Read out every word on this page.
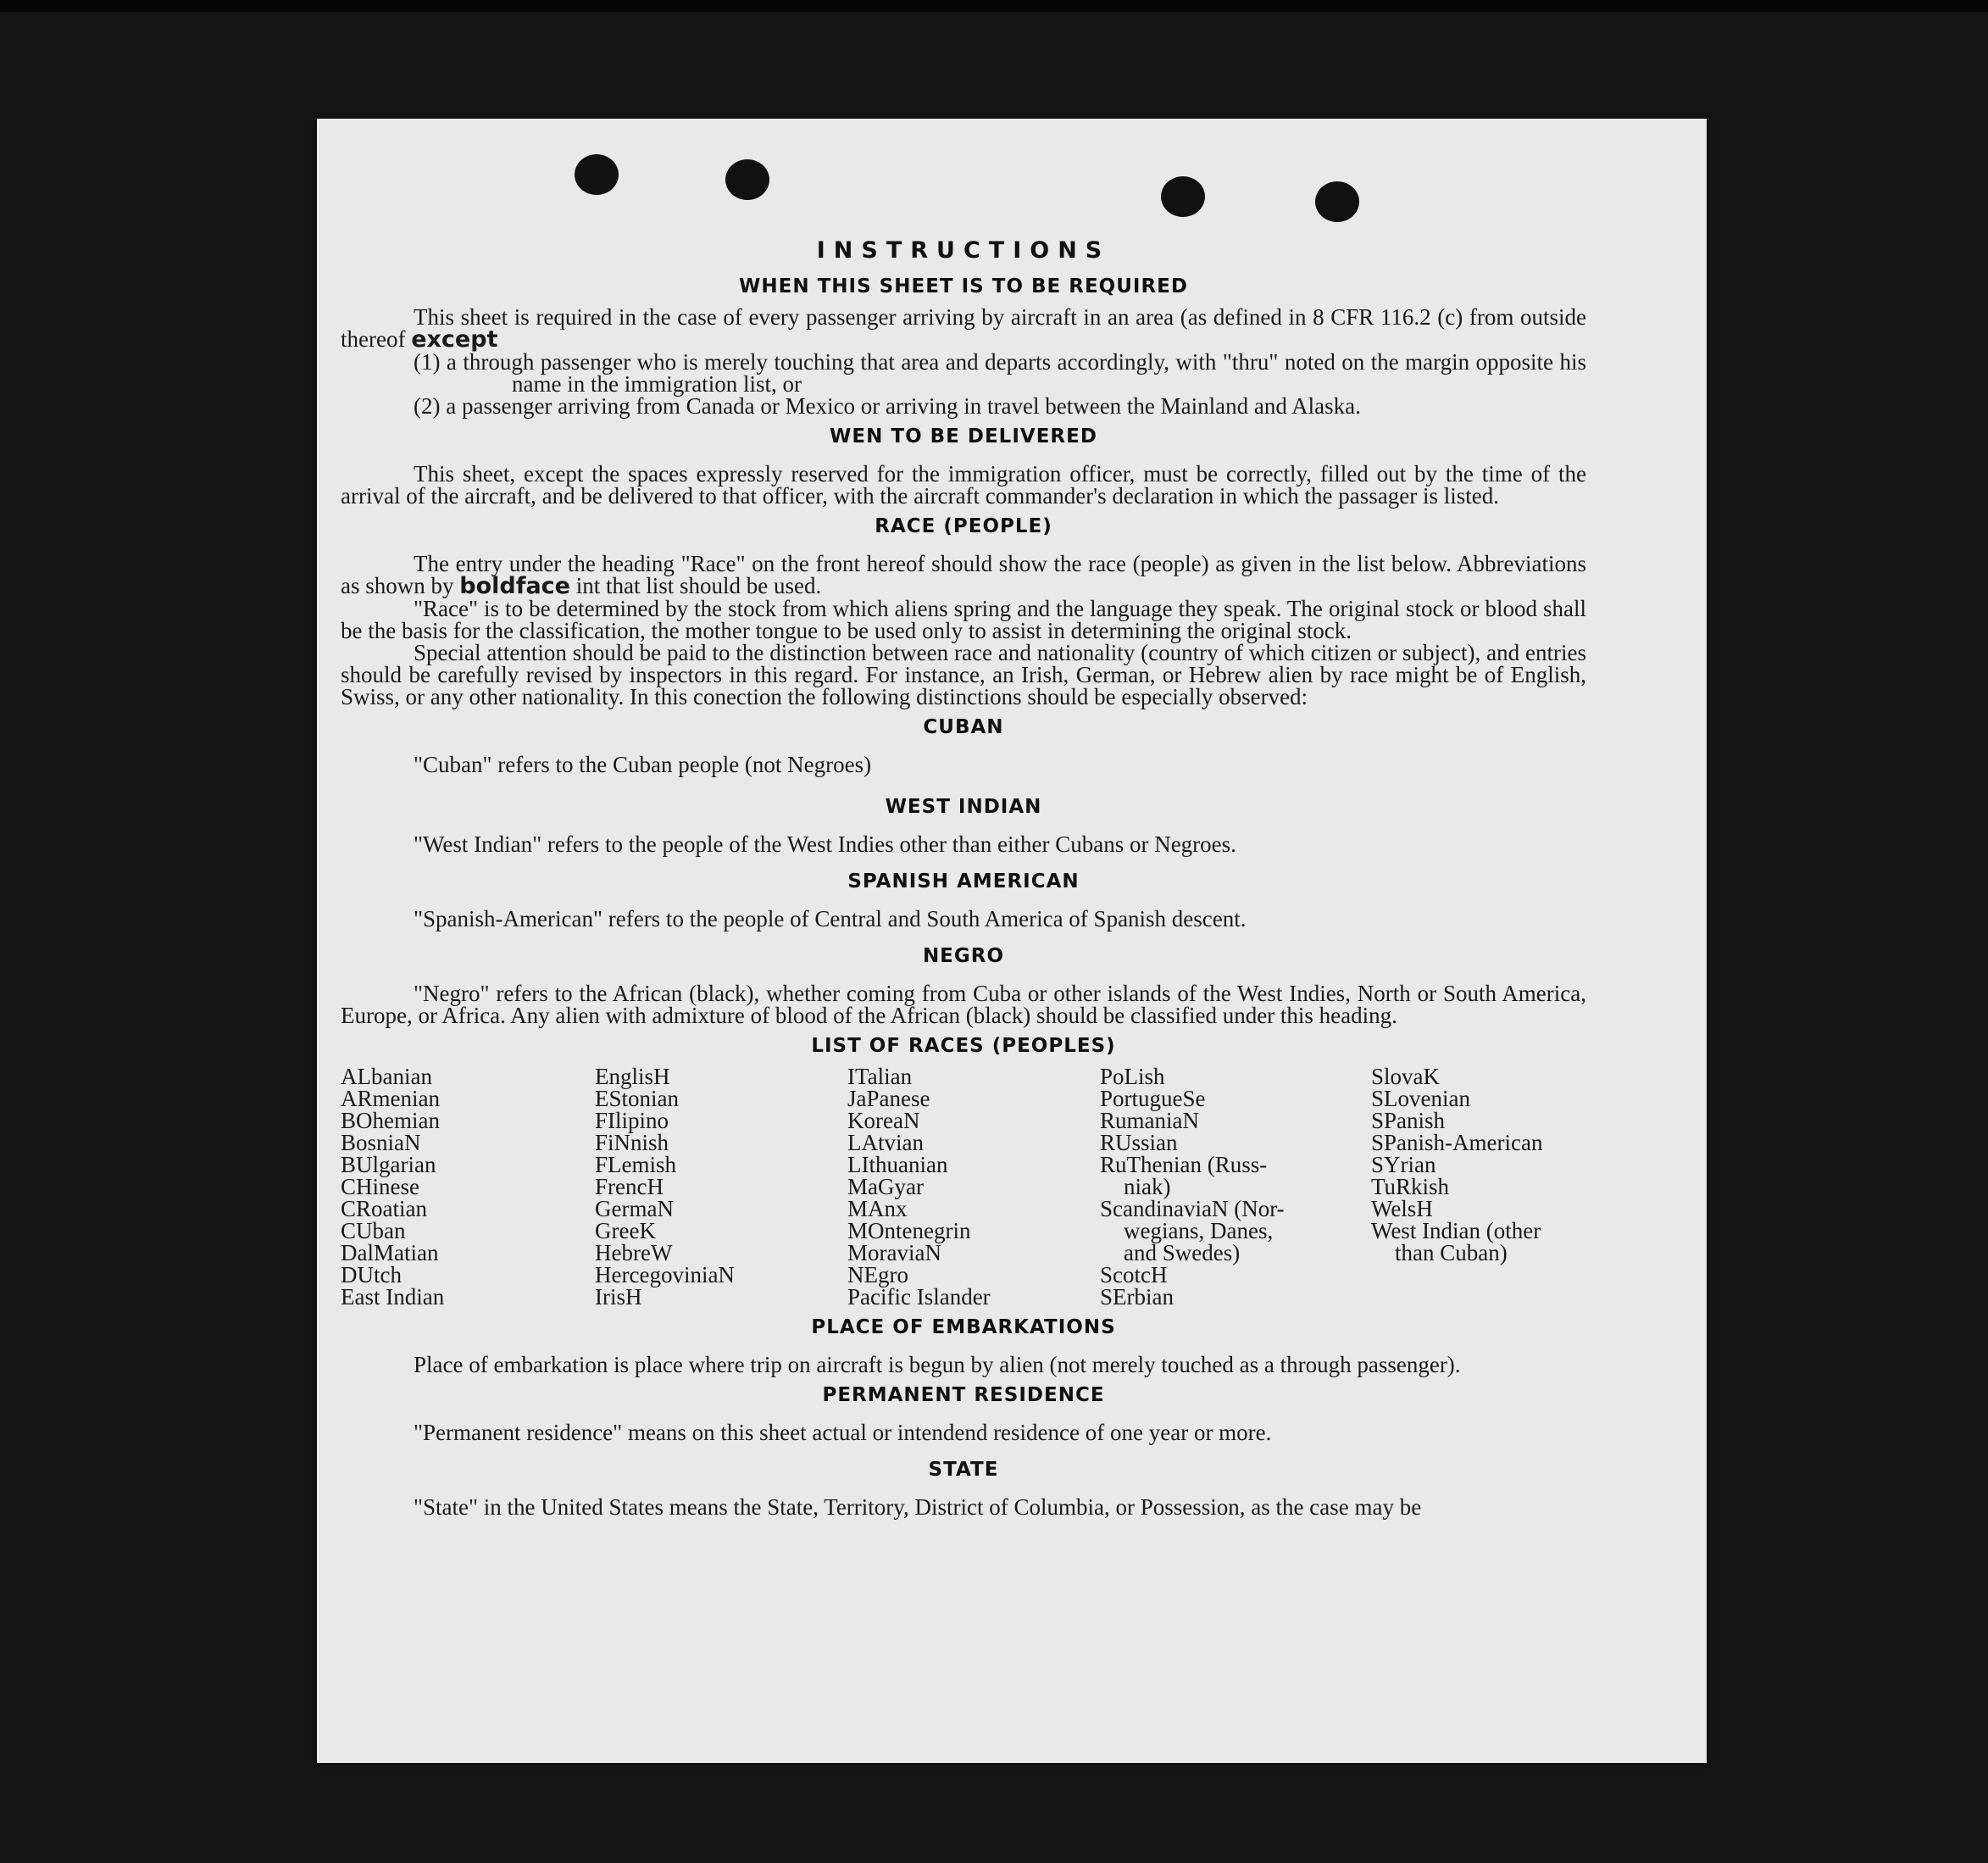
INSTRUCTIONS
WHEN THIS SHEET IS TO BE REQUIRED

This sheet is required in the case of every passenger arriving by aircraft in an area (as defined in 8 CFR 116.2 (c) from outside thereof except

(1) a through passenger who is merely touching that area and departs accordingly, with "thru" noted on the margin opposite his name in the immigration list, or

(2) a passenger arriving from Canada or Mexico or arriving in travel between the Mainland and Alaska.

WEN TO BE DELIVERED

This sheet, except the spaces expressly reserved for the immigration officer, must be correctly, filled out by the time of the arrival of the aircraft, and be delivered to that officer, with the aircraft commander's declaration in which the passager is listed.

RACE (PEOPLE)

The entry under the heading "Race" on the front hereof should show the race (people) as given in the list below. Abbreviations as shown by boldface int that list should be used.

"Race" is to be determined by the stock from which aliens spring and the language they speak. The original stock or blood shall be the basis for the classification, the mother tongue to be used only to assist in determining the original stock.

Special attention should be paid to the distinction between race and nationality (country of which citizen or subject), and entries should be carefully revised by inspectors in this regard. For instance, an Irish, German, or Hebrew alien by race might be of English, Swiss, or any other nationality. In this conection the following distinctions should be especially observed:

CUBAN

"Cuban" refers to the Cuban people (not Negroes)

WEST INDIAN

"West Indian" refers to the people of the West Indies other than either Cubans or Negroes.

SPANISH AMERICAN

"Spanish-American" refers to the people of Central and South America of Spanish descent.

NEGRO

"Negro" refers to the African (black), whether coming from Cuba or other islands of the West Indies, North or South America, Europe, or Africa. Any alien with admixture of blood of the African (black) should be classified under this heading.

LIST OF RACES (PEOPLES)
ALbanian
ARmenian
BOhemian
BosniaN
BUlgarian
CHinese
CRoatian
CUban
DalMatian
DUtch
East Indian
EnglisH
EStonian
FIlipino
FiNnish
FLemish
FrencH
GermaN
GreeK
HebreW
HercegoviniaN
IrisH
ITalian
JaPanese
KoreaN
LAtvian
LIthuanian
MaGyar
MAnx
MOntenegrin
MoraviaN
NEgro
Pacific Islander
PoLish
PortugueSe
RumaniaN
RUssian
RuThenian (Russ-
niak)
ScandinaviaN (Nor-
wegians, Danes,
and Swedes)
ScotcH
SErbian
SlovaK
SLovenian
SPanish
SPanish-American
SYrian
TuRkish
WelsH
West Indian (other
than Cuban)
PLACE OF EMBARKATIONS

Place of embarkation is place where trip on aircraft is begun by alien (not merely touched as a through passenger).

PERMANENT RESIDENCE

"Permanent residence" means on this sheet actual or intendend residence of one year or more.

STATE

"State" in the United States means the State, Territory, District of Columbia, or Possession, as the case may be
